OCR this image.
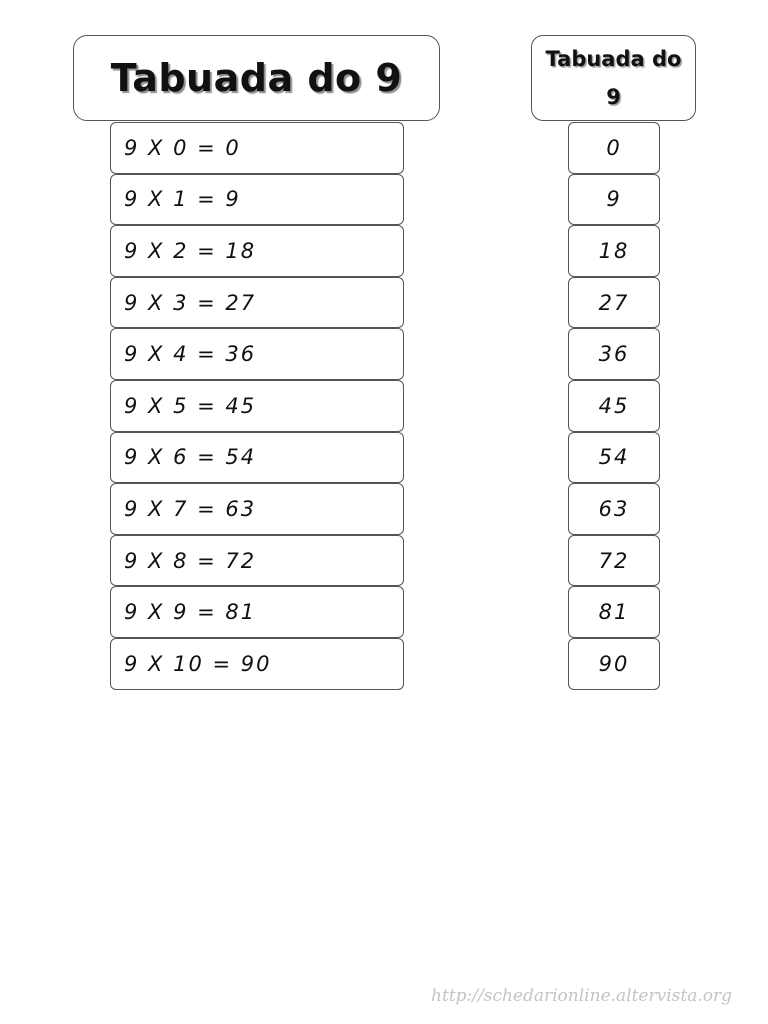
Tabuada do 9	Tabuada do 9
9 X 0 = 0
9 X 1 = 9
9 X 2 = 18
9 X 3 = 27
9 X 4 = 36
9 X 5 = 45
9 X 6 = 54
9 X 7 = 63
9 X 8 = 72
9 X 9 = 81
9 X 10 = 90
0
9
18
27
36
45
54
63
72
81
90
http://schedarionline.altervista.org
